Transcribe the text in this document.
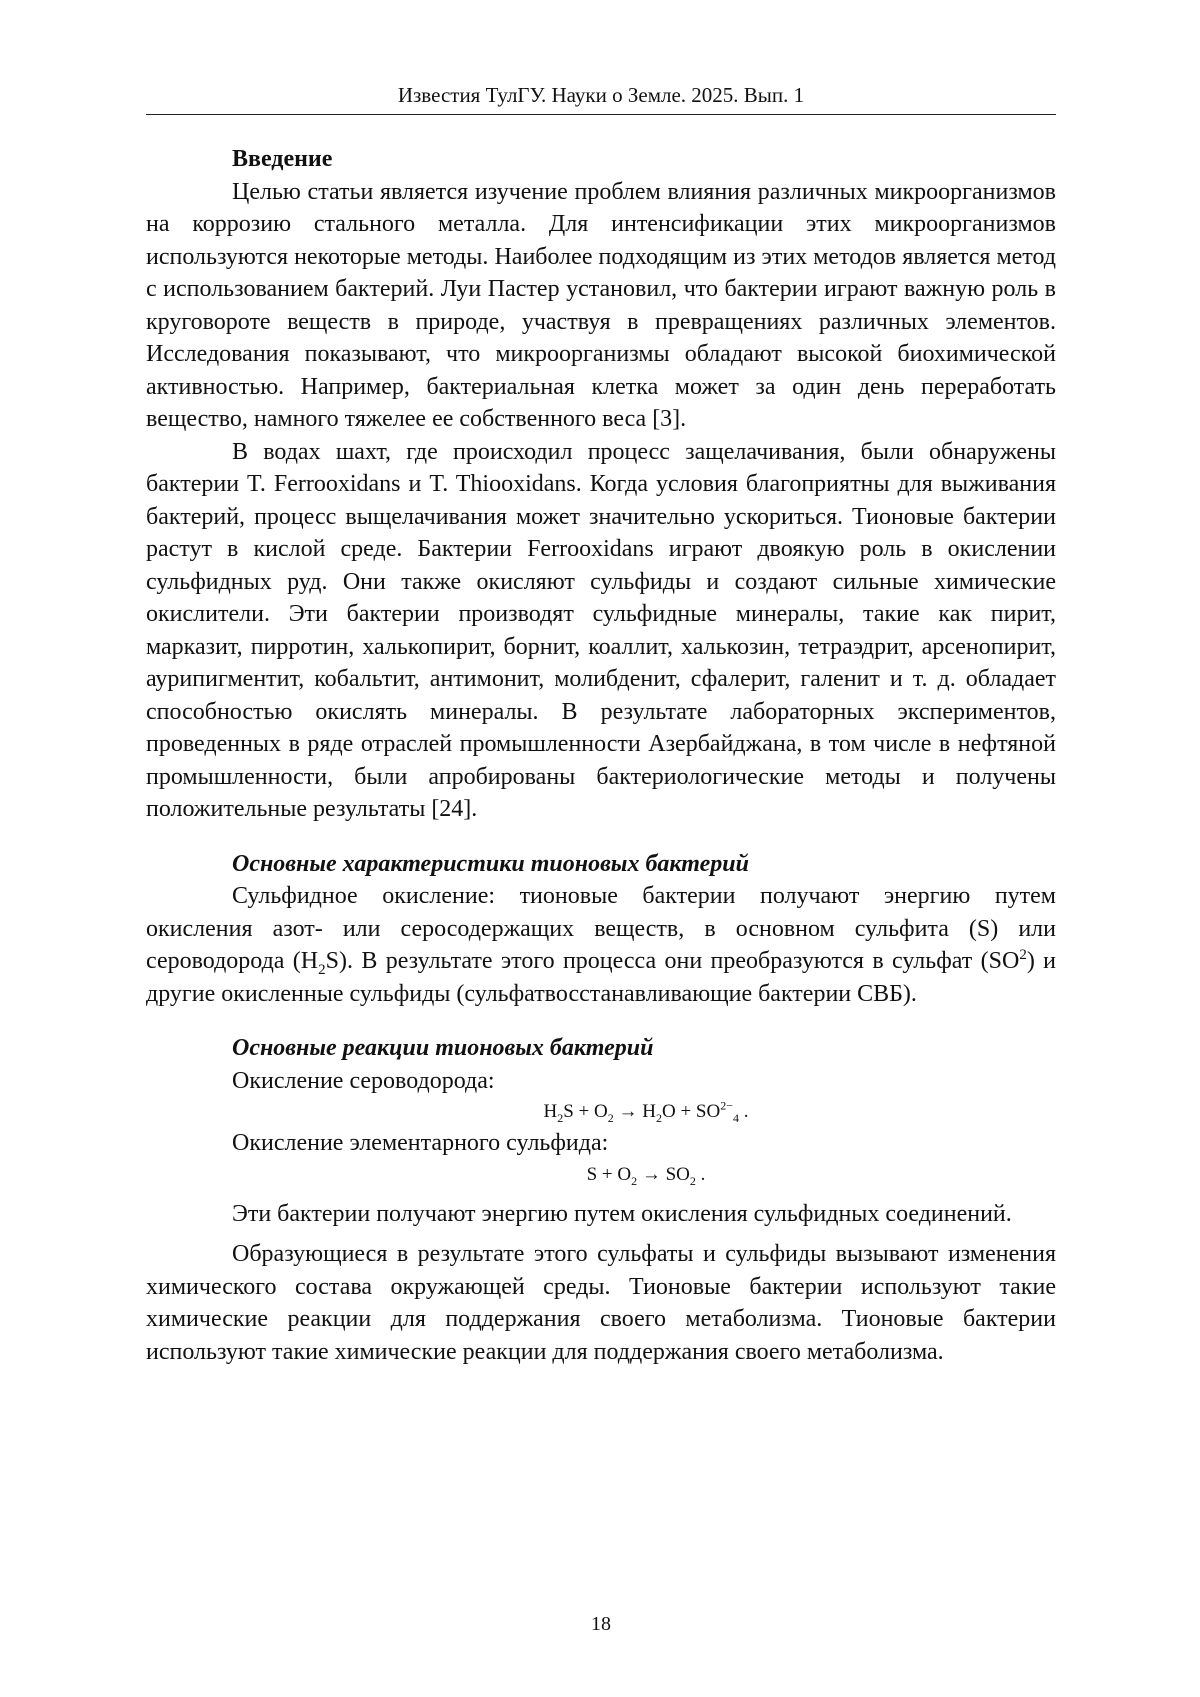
Известия ТулГУ. Науки о Земле. 2025. Вып. 1
Введение

Целью статьи является изучение проблем влияния различных микроорганизмов на коррозию стального металла. Для интенсификации этих микроорганизмов используются некоторые методы. Наиболее подходящим из этих методов является метод с использованием бактерий. Луи Пастер установил, что бактерии играют важную роль в круговороте веществ в природе, участвуя в превращениях различных элементов. Исследования показывают, что микроорганизмы обладают высокой биохимической активностью. Например, бактериальная клетка может за один день переработать вещество, намного тяжелее ее собственного веса [3].

В водах шахт, где происходил процесс защелачивания, были обнаружены бактерии T. Ferrooxidans и T. Thiooxidans. Когда условия благоприятны для выживания бактерий, процесс выщелачивания может значительно ускориться. Тионовые бактерии растут в кислой среде. Бактерии Ferrooxidans играют двоякую роль в окислении сульфидных руд. Они также окисляют сульфиды и создают сильные химические окислители. Эти бактерии производят сульфидные минералы, такие как пирит, марказит, пирротин, халькопирит, борнит, коаллит, халькозин, тетраэдрит, арсенопирит, аурипигментит, кобальтит, антимонит, молибденит, сфалерит, галенит и т. д. обладает способностью окислять минералы. В результате лабораторных экспериментов, проведенных в ряде отраслей промышленности Азербайджана, в том числе в нефтяной промышленности, были апробированы бактериологические методы и получены положительные результаты [24].

Основные характеристики тионовых бактерий

Сульфидное окисление: тионовые бактерии получают энергию путем окисления азот- или серосодержащих веществ, в основном сульфита (S) или сероводорода $(H_2S)$. В результате этого процесса они преобразуются в сульфат $(SO^2)$ и другие окисленные сульфиды (сульфатвосстанавливающие бактерии СВБ).

Основные реакции тионовых бактерий

Окисление сероводорода:

$H_2S + O_2 \to H_2O + SO^{2-}_4$ .

Окисление элементарного сульфида:

$S + O_2 \to SO_2$ .

Эти бактерии получают энергию путем окисления сульфидных соединений.

Образующиеся в результате этого сульфаты и сульфиды вызывают изменения химического состава окружающей среды. Тионовые бактерии используют такие химические реакции для поддержания своего метаболизма. Тионовые бактерии используют такие химические реакции для поддержания своего метаболизма.

18
